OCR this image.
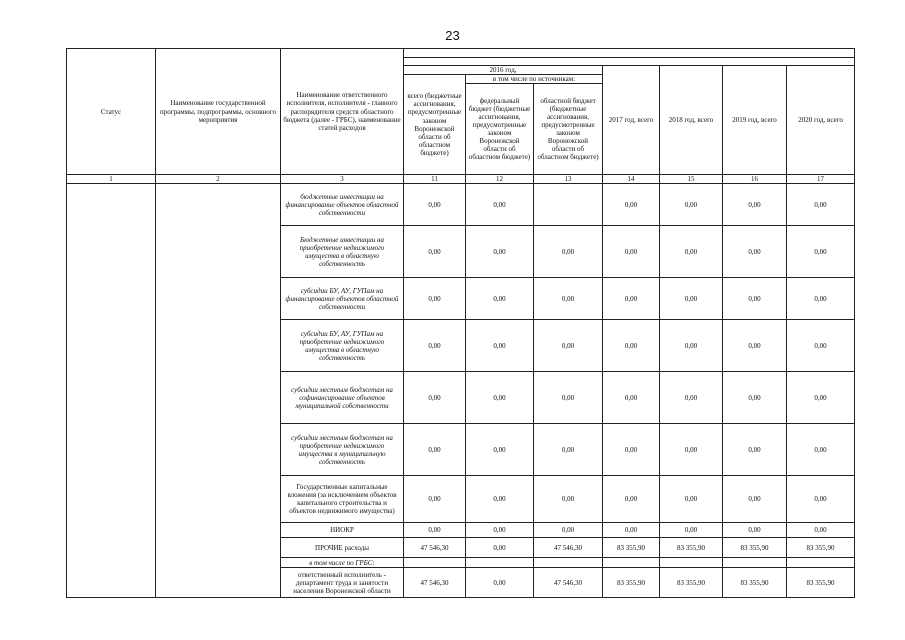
23
Статус	Наименование государственной программы, подпрограммы, основного мероприятия	Наименование ответственного исполнителя, исполнителя - главного распорядителя средств областного бюджета (далее - ГРБС), наименование статей расходов							

			2016 год,			2017 год, всего	2018 год, всего	2019 год, всего	2020 год, всего
			всего (бюджетные ассигнования, предусмотренные законом Воронежской области об областном бюджете)	в том числе по источникам:					
				федеральный бюджет (бюджетные ассигнования, предусмотренные законом Воронежской области об областном бюджете)	областной бюджет (бюджетные ассигнования, предусмотренные законом Воронежской области об областном бюджете)				
1	2	3	11	12	13	14	15	16	17
		бюджетные инвестиции на финансирование объектов областной собственности	0,00	0,00		0,00	0,00	0,00	0,00
		Бюджетные инвестиции на приобретение недвижимого имущества в областную собственность	0,00	0,00	0,00	0,00	0,00	0,00	0,00
		субсидии БУ, АУ, ГУПам на финансирование объектов областной собственности	0,00	0,00	0,00	0,00	0,00	0,00	0,00
		субсидии БУ, АУ, ГУПам на приобретение недвижимого имущества в областную собственность	0,00	0,00	0,00	0,00	0,00	0,00	0,00
		субсидии местным бюджетам на софинансирование объектов муниципальной собственности	0,00	0,00	0,00	0,00	0,00	0,00	0,00
		субсидии местным бюджетам на приобретение недвижимого имущества в муниципальную собственность	0,00	0,00	0,00	0,00	0,00	0,00	0,00
		Государственные капитальные вложения (за исключением объектов капитального строительства и объектов недвижимого имущества)	0,00	0,00	0,00	0,00	0,00	0,00	0,00
		НИОКР	0,00	0,00	0,00	0,00	0,00	0,00	0,00
		ПРОЧИЕ расходы	47 546,30	0,00	47 546,30	83 355,90	83 355,90	83 355,90	83 355,90
		в том числе по ГРБС:							
		ответственный исполнитель - департамент труда и занятости населения Воронежской области	47 546,30	0,00	47 546,30	83 355,90	83 355,90	83 355,90	83 355,90
